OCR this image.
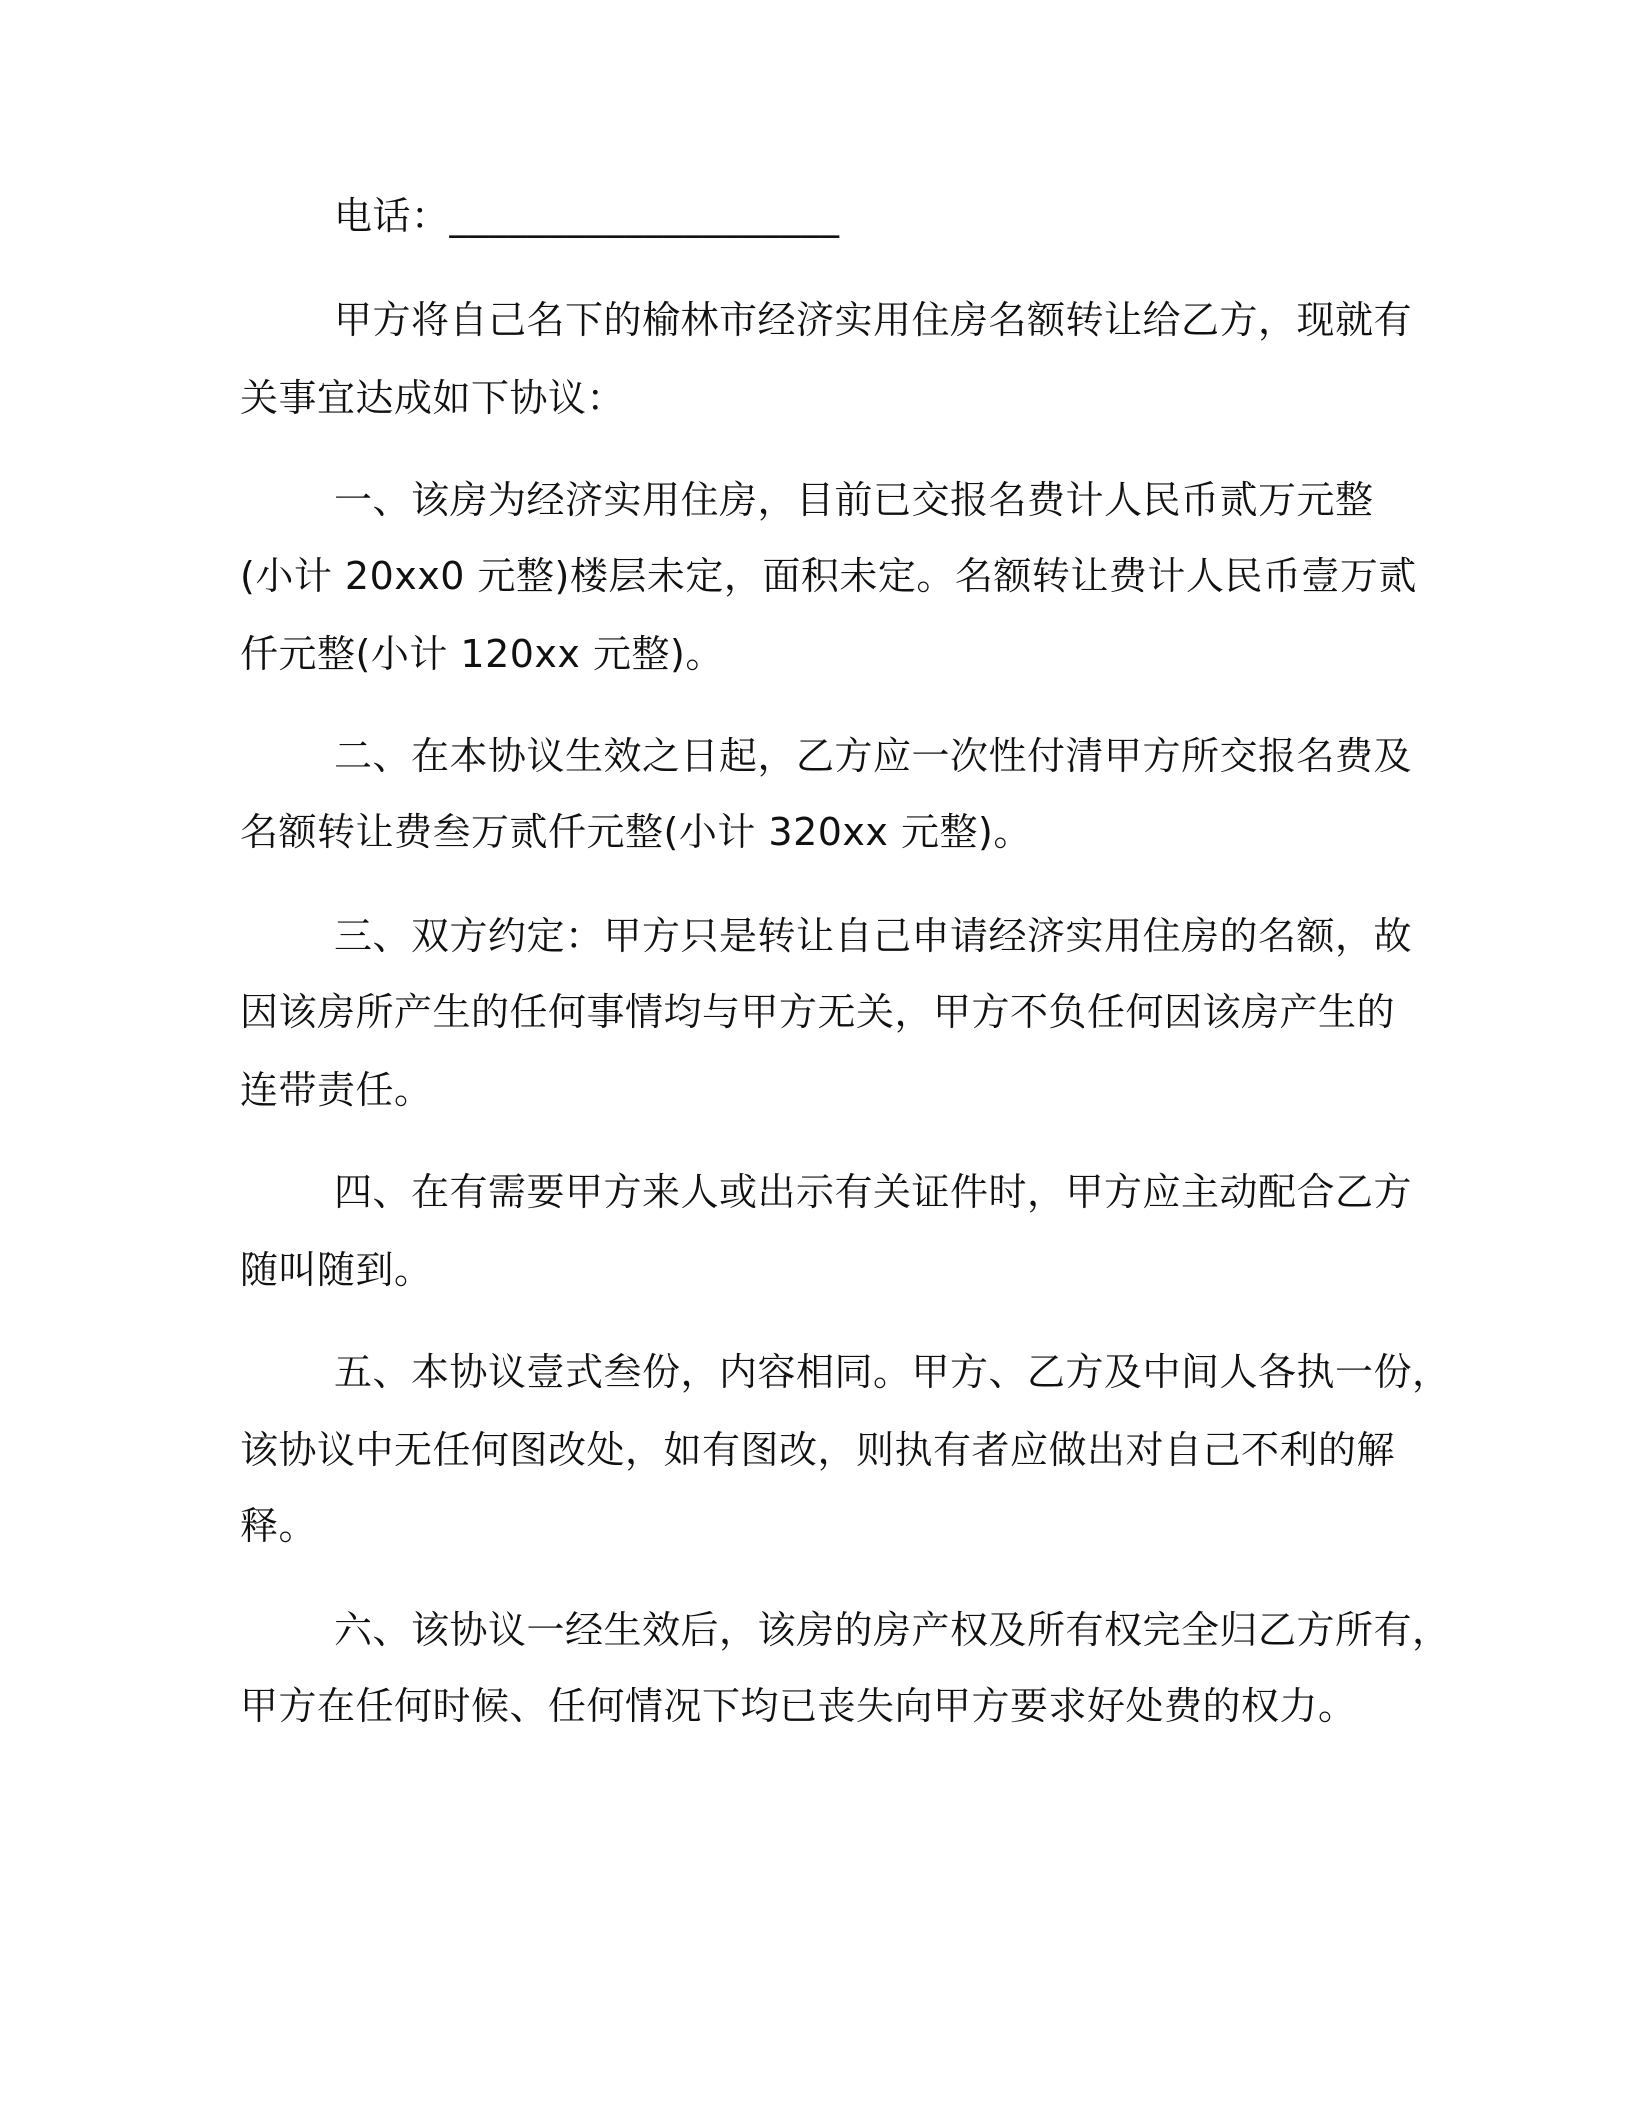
电话：____________________
甲方将自己名下的榆林市经济实用住房名额转让给乙方，现就有
关事宜达成如下协议：
一、该房为经济实用住房，目前已交报名费计人民币贰万元整
(小计 20xx0 元整)楼层未定，面积未定。名额转让费计人民币壹万贰
仟元整(小计 120xx 元整)。
二、在本协议生效之日起，乙方应一次性付清甲方所交报名费及
名额转让费叁万贰仟元整(小计 320xx 元整)。
三、双方约定：甲方只是转让自己申请经济实用住房的名额，故
因该房所产生的任何事情均与甲方无关，甲方不负任何因该房产生的
连带责任。
四、在有需要甲方来人或出示有关证件时，甲方应主动配合乙方
随叫随到。
五、本协议壹式叁份，内容相同。甲方、乙方及中间人各执一份，
该协议中无任何图改处，如有图改，则执有者应做出对自己不利的解
释。
六、该协议一经生效后，该房的房产权及所有权完全归乙方所有，
甲方在任何时候、任何情况下均已丧失向甲方要求好处费的权力。
